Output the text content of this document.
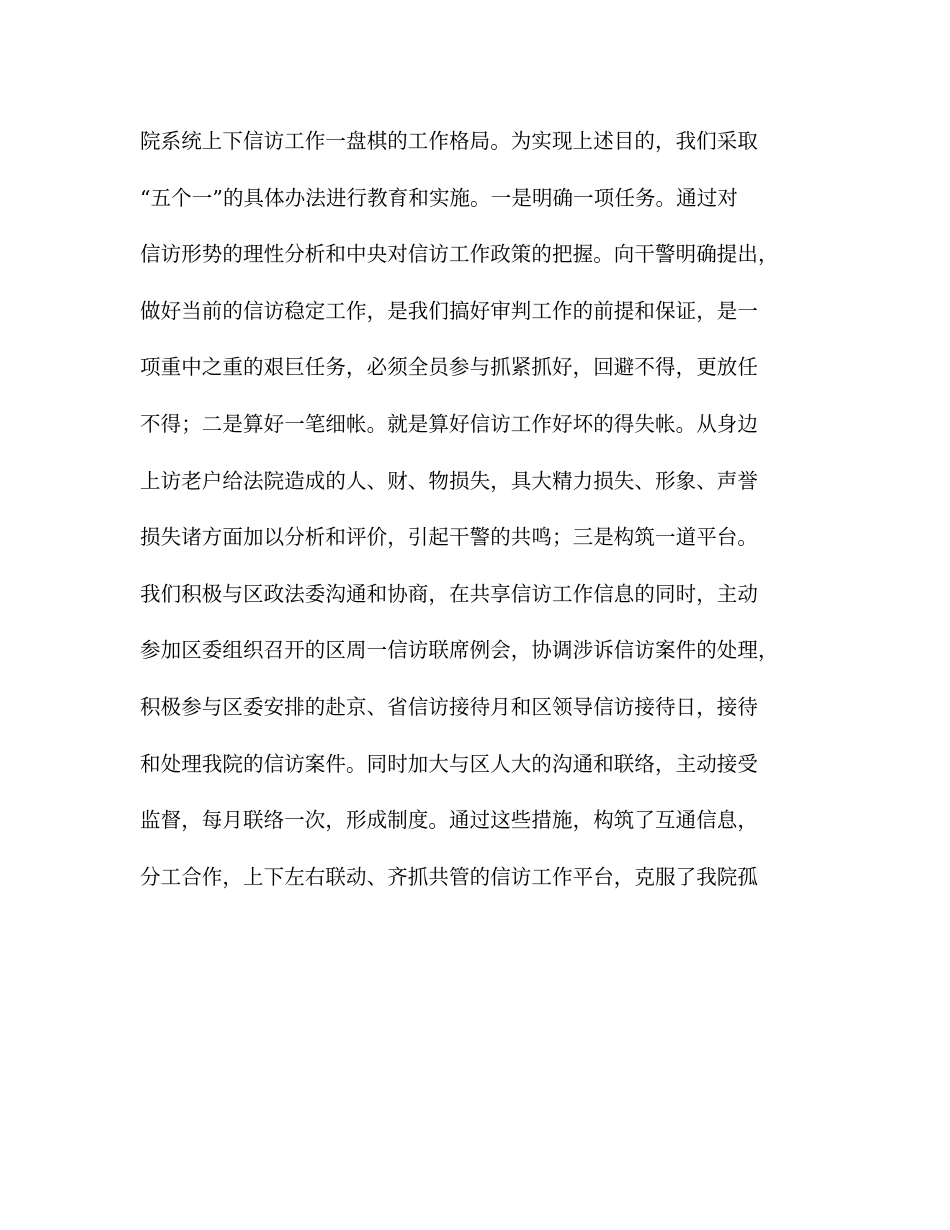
院系统上下信访工作一盘棋的工作格局。为实现上述目的，我们采取
“五个一”的具体办法进行教育和实施。一是明确一项任务。通过对
信访形势的理性分析和中央对信访工作政策的把握。向干警明确提出，
做好当前的信访稳定工作，是我们搞好审判工作的前提和保证，是一
项重中之重的艰巨任务，必须全员参与抓紧抓好，回避不得，更放任
不得；二是算好一笔细帐。就是算好信访工作好坏的得失帐。从身边
上访老户给法院造成的人、财、物损失，具大精力损失、形象、声誉
损失诸方面加以分析和评价，引起干警的共鸣；三是构筑一道平台。
我们积极与区政法委沟通和协商，在共享信访工作信息的同时，主动
参加区委组织召开的区周一信访联席例会，协调涉诉信访案件的处理，
积极参与区委安排的赴京、省信访接待月和区领导信访接待日，接待
和处理我院的信访案件。同时加大与区人大的沟通和联络，主动接受
监督，每月联络一次，形成制度。通过这些措施，构筑了互通信息，
分工合作，上下左右联动、齐抓共管的信访工作平台，克服了我院孤
